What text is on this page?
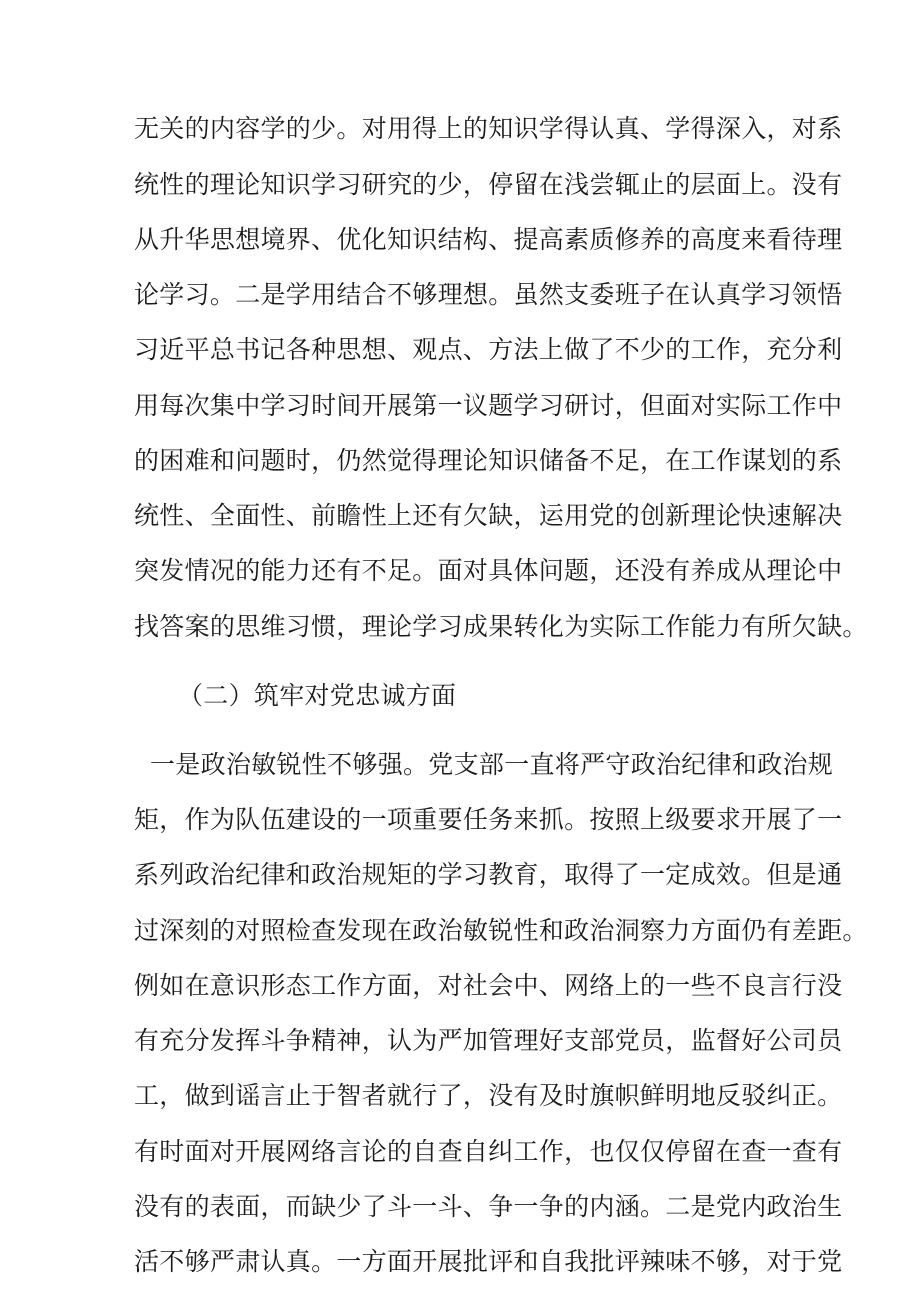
无关的内容学的少。对用得上的知识学得认真、学得深入，对系
统性的理论知识学习研究的少，停留在浅尝辄止的层面上。没有
从升华思想境界、优化知识结构、提高素质修养的高度来看待理
论学习。二是学用结合不够理想。虽然支委班子在认真学习领悟
习近平总书记各种思想、观点、方法上做了不少的工作，充分利
用每次集中学习时间开展第一议题学习研讨，但面对实际工作中
的困难和问题时，仍然觉得理论知识储备不足，在工作谋划的系
统性、全面性、前瞻性上还有欠缺，运用党的创新理论快速解决
突发情况的能力还有不足。面对具体问题，还没有养成从理论中
找答案的思维习惯，理论学习成果转化为实际工作能力有所欠缺。
（二）筑牢对党忠诚方面
一是政治敏锐性不够强。党支部一直将严守政治纪律和政治规
矩，作为队伍建设的一项重要任务来抓。按照上级要求开展了一
系列政治纪律和政治规矩的学习教育，取得了一定成效。但是通
过深刻的对照检查发现在政治敏锐性和政治洞察力方面仍有差距。
例如在意识形态工作方面，对社会中、网络上的一些不良言行没
有充分发挥斗争精神，认为严加管理好支部党员，监督好公司员
工，做到谣言止于智者就行了，没有及时旗帜鲜明地反驳纠正。
有时面对开展网络言论的自查自纠工作，也仅仅停留在查一查有
没有的表面，而缺少了斗一斗、争一争的内涵。二是党内政治生
活不够严肃认真。一方面开展批评和自我批评辣味不够，对于党
